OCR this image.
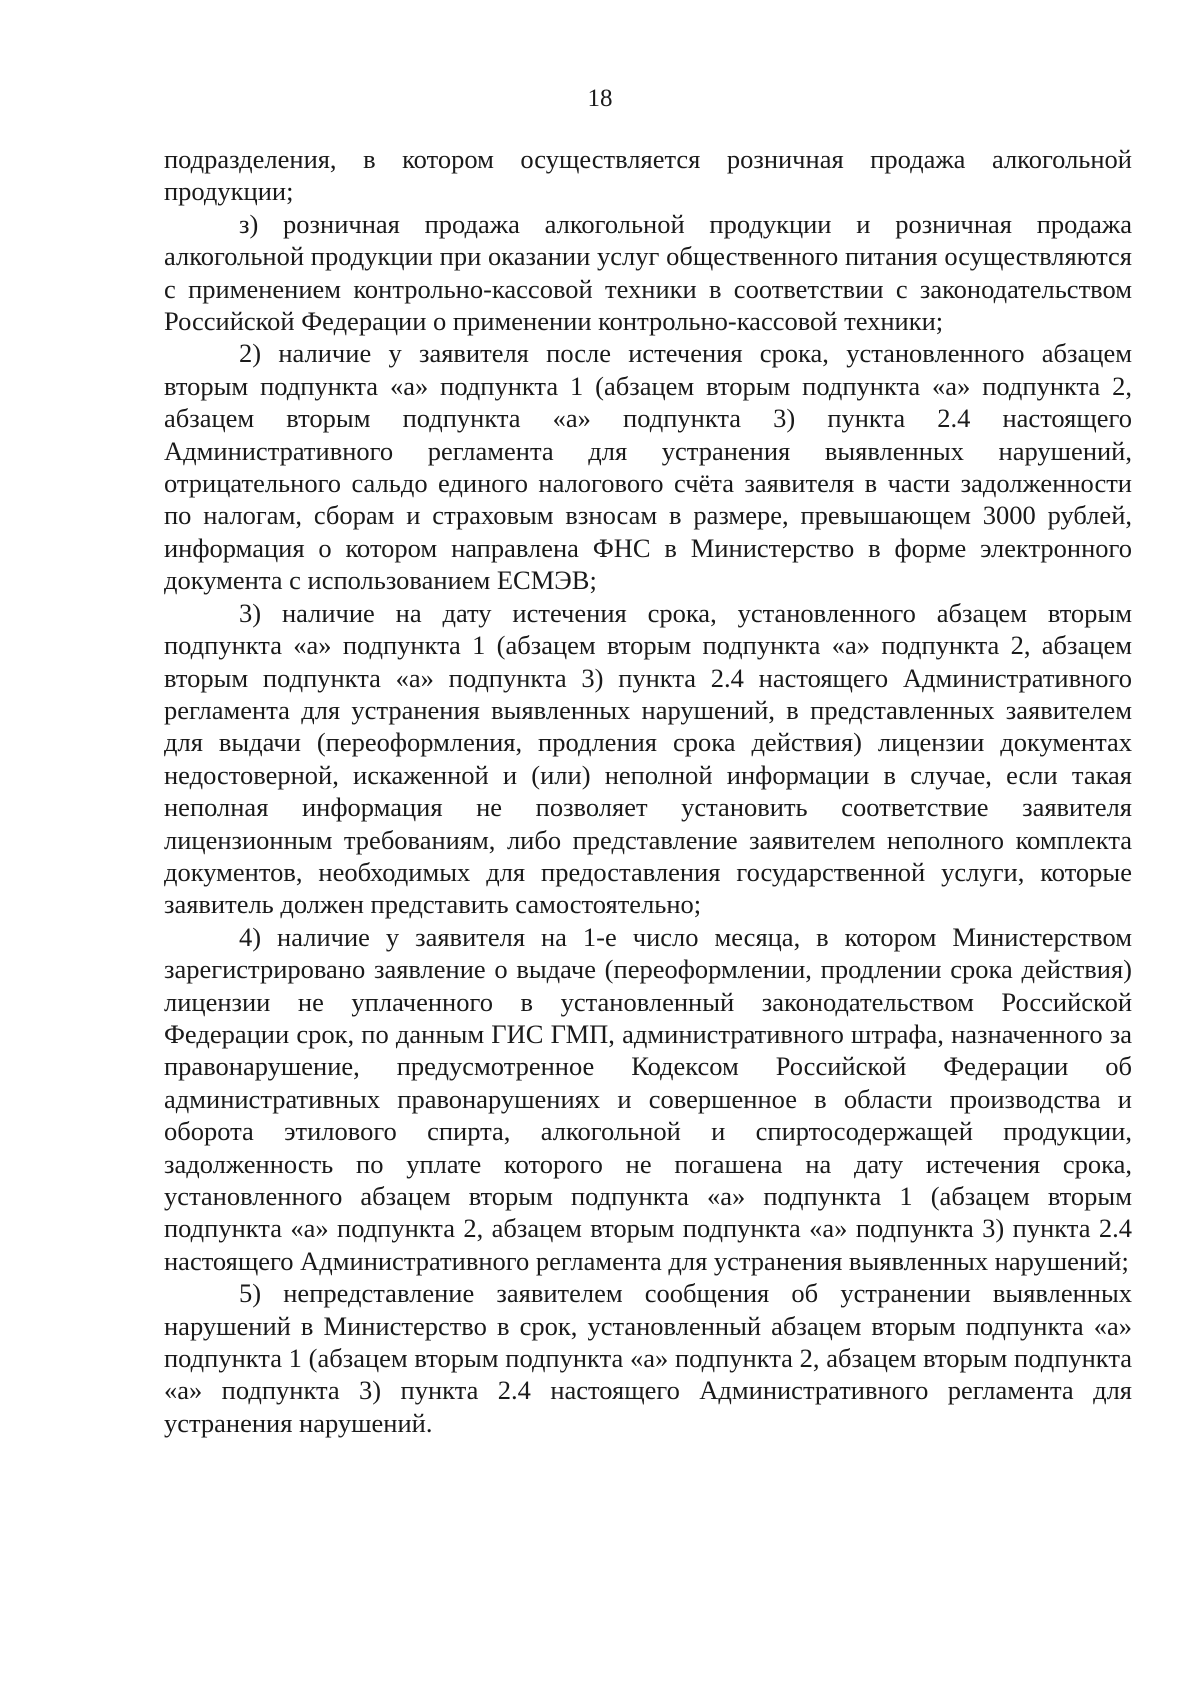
18

подразделения, в котором осуществляется розничная продажа алкогольной продукции;

з) розничная продажа алкогольной продукции и розничная продажа алкогольной продукции при оказании услуг общественного питания осуществляются с применением контрольно-кассовой техники в соответствии с законодательством Российской Федерации о применении контрольно-кассовой техники;

2) наличие у заявителя после истечения срока, установленного абзацем вторым подпункта «а» подпункта 1 (абзацем вторым подпункта «а» подпункта 2, абзацем вторым подпункта «а» подпункта 3) пункта 2.4 настоящего Административного регламента для устранения выявленных нарушений, отрицательного сальдо единого налогового счёта заявителя в части задолженности по налогам, сборам и страховым взносам в размере, превышающем 3000 рублей, информация о котором направлена ФНС в Министерство в форме электронного документа с использованием ЕСМЭВ;

3) наличие на дату истечения срока, установленного абзацем вторым подпункта «а» подпункта 1 (абзацем вторым подпункта «а» подпункта 2, абзацем вторым подпункта «а» подпункта 3) пункта 2.4 настоящего Административного регламента для устранения выявленных нарушений, в представленных заявителем для выдачи (переоформления, продления срока действия) лицензии документах недостоверной, искаженной и (или) неполной информации в случае, если такая неполная информация не позволяет установить соответствие заявителя лицензионным требованиям, либо представление заявителем неполного комплекта документов, необходимых для предоставления государственной услуги, которые заявитель должен представить самостоятельно;

4) наличие у заявителя на 1-е число месяца, в котором Министерством зарегистрировано заявление о выдаче (переоформлении, продлении срока действия) лицензии не уплаченного в установленный законодательством Российской Федерации срок, по данным ГИС ГМП, административного штрафа, назначенного за правонарушение, предусмотренное Кодексом Российской Федерации об административных правонарушениях и совершенное в области производства и оборота этилового спирта, алкогольной и спиртосодержащей продукции, задолженность по уплате которого не погашена на дату истечения срока, установленного абзацем вторым подпункта «а» подпункта 1 (абзацем вторым подпункта «а» подпункта 2, абзацем вторым подпункта «а» подпункта 3) пункта 2.4 настоящего Административного регламента для устранения выявленных нарушений;

5) непредставление заявителем сообщения об устранении выявленных нарушений в Министерство в срок, установленный абзацем вторым подпункта «а» подпункта 1 (абзацем вторым подпункта «а» подпункта 2, абзацем вторым подпункта «а» подпункта 3) пункта 2.4 настоящего Административного регламента для устранения нарушений.
